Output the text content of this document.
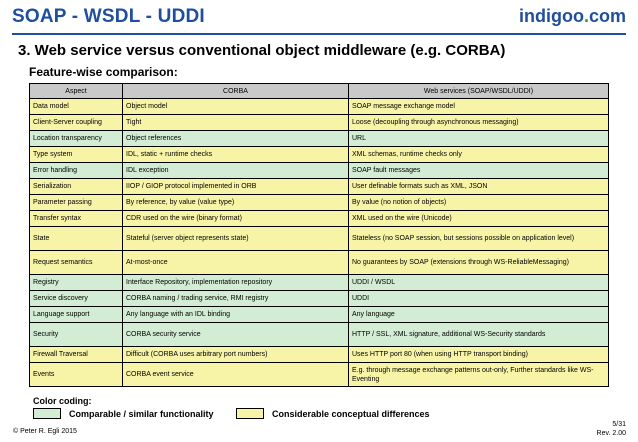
SOAP - WSDL - UDDI	indigoo.com
3. Web service versus conventional object middleware (e.g. CORBA)
Feature-wise comparison:
Aspect	CORBA	Web services (SOAP/WSDL/UDDI)
Data model	Object model	SOAP message exchange model
Client-Server coupling	Tight	Loose (decoupling through asynchronous messaging)
Location transparency	Object references	URL
Type system	IDL, static + runtime checks	XML schemas, runtime checks only
Error handling	IDL exception	SOAP fault messages
Serialization	IIOP / GIOP protocol implemented in ORB	User definable formats such as XML, JSON
Parameter passing	By reference, by value (value type)	By value (no notion of objects)
Transfer syntax	CDR used on the wire (binary format)	XML used on the wire (Unicode)
State	Stateful (server object represents state)	Stateless (no SOAP session, but sessions possible on application level)
Request semantics	At-most-once	No guarantees by SOAP (extensions through WS-ReliableMessaging)
Registry	Interface Repository, implementation repository	UDDI / WSDL
Service discovery	CORBA naming / trading service, RMI registry	UDDI
Language support	Any language with an IDL binding	Any language
Security	CORBA security service	HTTP / SSL, XML signature, additional WS-Security standards
Firewall Traversal	Difficult (CORBA uses arbitrary port numbers)	Uses HTTP port 80 (when using HTTP transport binding)
Events	CORBA event service	E.g. through message exchange patterns out-only, Further standards like WS-Eventing
Color coding:
Comparable / similar functionality	Considerable conceptual differences
© Peter R. Egli 2015
5/31
Rev. 2.00
